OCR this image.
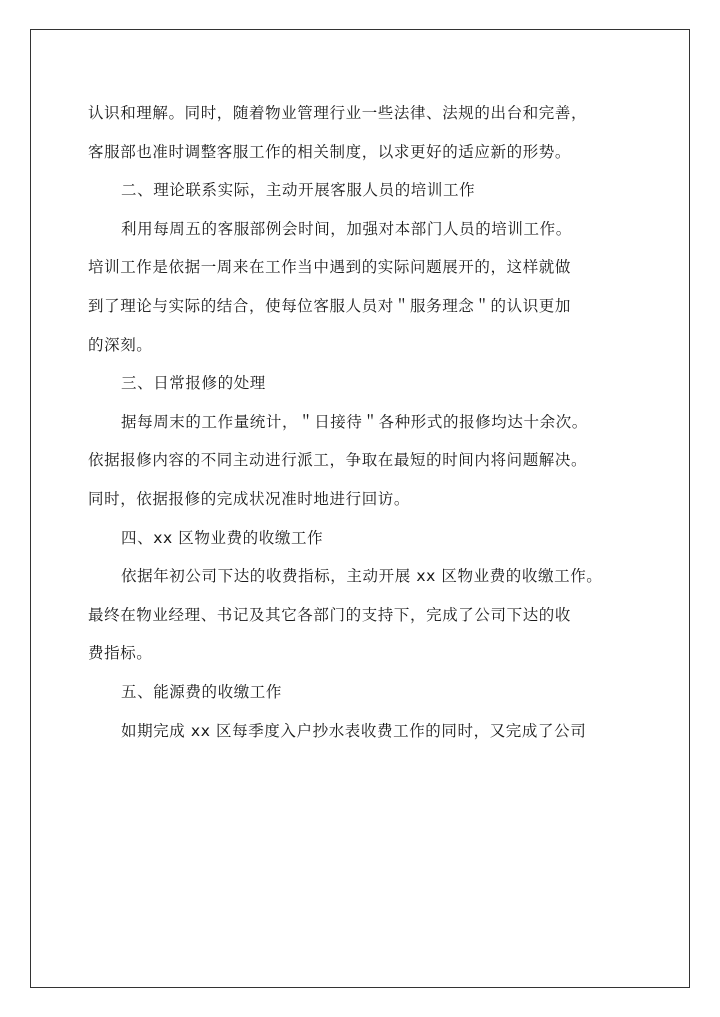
认识和理解。同时，随着物业管理行业一些法律、法规的出台和完善，
客服部也准时调整客服工作的相关制度，以求更好的适应新的形势。
二、理论联系实际，主动开展客服人员的培训工作
利用每周五的客服部例会时间，加强对本部门人员的培训工作。
培训工作是依据一周来在工作当中遇到的实际问题展开的，这样就做
到了理论与实际的结合，使每位客服人员对＂服务理念＂的认识更加
的深刻。
三、日常报修的处理
据每周末的工作量统计，＂日接待＂各种形式的报修均达十余次。
依据报修内容的不同主动进行派工，争取在最短的时间内将问题解决。
同时，依据报修的完成状况准时地进行回访。
四、xx 区物业费的收缴工作
依据年初公司下达的收费指标，主动开展 xx 区物业费的收缴工作。
最终在物业经理、书记及其它各部门的支持下，完成了公司下达的收
费指标。
五、能源费的收缴工作
如期完成 xx 区每季度入户抄水表收费工作的同时，又完成了公司
